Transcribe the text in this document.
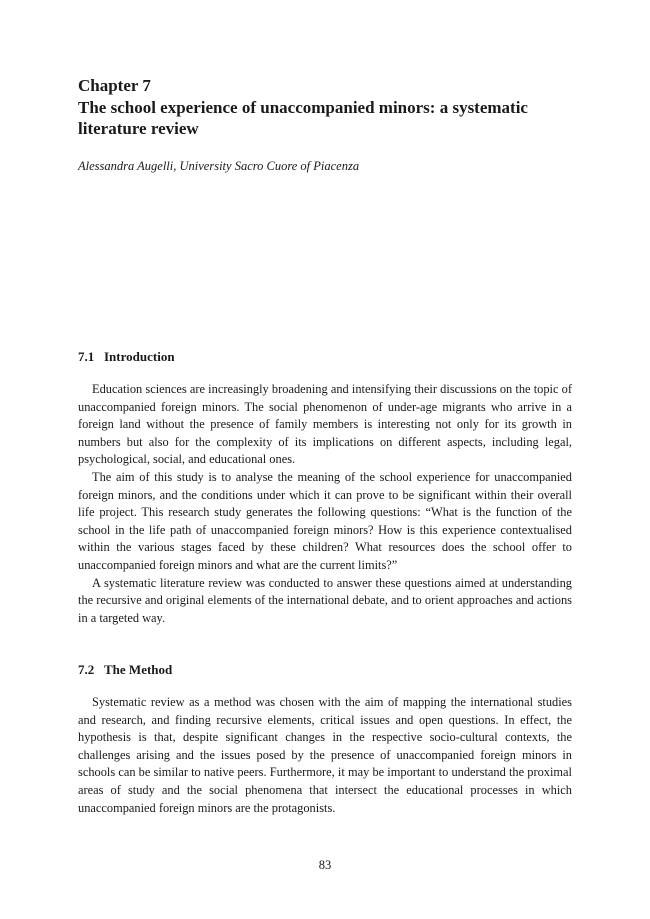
Chapter 7
The school experience of unaccompanied minors: a systematic literature review
Alessandra Augelli, University Sacro Cuore of Piacenza
7.1 Introduction

Education sciences are increasingly broadening and intensifying their discussions on the topic of unaccompanied foreign minors. The social phenomenon of under-age migrants who arrive in a foreign land without the presence of family members is interesting not only for its growth in numbers but also for the complexity of its implications on different aspects, including legal, psychological, social, and educational ones.

The aim of this study is to analyse the meaning of the school experience for unaccompanied foreign minors, and the conditions under which it can prove to be significant within their overall life project. This research study generates the following questions: “What is the function of the school in the life path of unaccompanied foreign minors? How is this experience contextualised within the various stages faced by these children? What resources does the school offer to unaccompanied foreign minors and what are the current limits?”

A systematic literature review was conducted to answer these questions aimed at understanding the recursive and original elements of the international debate, and to orient approaches and actions in a targeted way.

7.2 The Method

Systematic review as a method was chosen with the aim of mapping the international studies and research, and finding recursive elements, critical issues and open questions. In effect, the hypothesis is that, despite significant changes in the respective socio-cultural contexts, the challenges arising and the issues posed by the presence of unaccompanied foreign minors in schools can be similar to native peers. Furthermore, it may be important to understand the proximal areas of study and the social phenomena that intersect the educational processes in which unaccompanied foreign minors are the protagonists.

83
